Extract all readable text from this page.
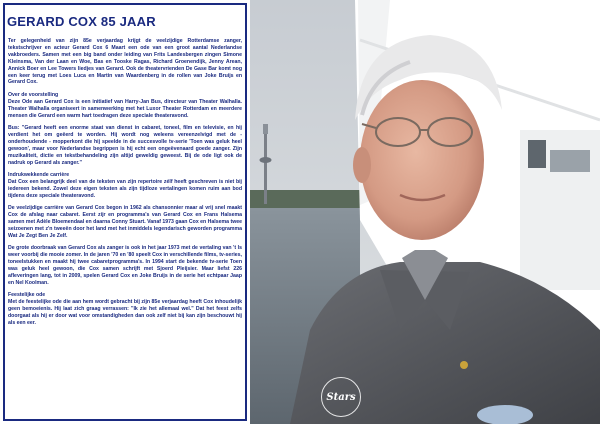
GERARD COX 85 JAAR

Ter gelegenheid van zijn 85e verjaardag krijgt de veelzijdige Rotterdamse zanger, tekstschrijver en acteur Gerard Cox 6 Maart een ode van een groot aantal Nederlandse vakbroeders. Samen met een big band onder leiding van Frits Landesbergen zingen Simone Kleinsma, Van der Laan en Woe, Bas en Tooske Ragas, Richard Groenendijk, Jenny Arean, Annick Boer en Lee Towers liedjes van Gerard. Ook de theatervrienden De Gase Bar komt nog een keer terug met Loes Luca en Martin van Waardenberg in de rollen van Joke Bruijs en Gerard Cox.

Over de voorstelling
Deze Ode aan Gerard Cox is een initiatief van Harry-Jan Bus, directeur van Theater Walhalla. Theater Walhalla organiseert in samenwerking met het Luxor Theater Rotterdam en meerdere mensen die Gerard een warm hart toedragen deze speciale theateravond.

Bus: "Gerard heeft een enorme staat van dienst in cabaret, toneel, film en televisie, en hij verdient het om geëerd te worden. Hij wordt nog weleens vereenzelvigd met de - onderhoudende - mopperkont die hij speelde in de succesvolle tv-serie 'Toen was geluk heel gewoon', maar voor Nederlandse begrippen is hij echt een ongeëvenaard goede zanger. Zijn muzikaliteit, dictie en tekstbehandeling zijn altijd geweldig geweest. Bij de ode ligt ook de nadruk op Gerard als zanger."

Indrukwekkende carrière
Dat Cox een belangrijk deel van de teksten van zijn repertoire zélf heeft geschreven is niet bij iedereen bekend. Zowel deze eigen teksten als zijn tijdloze vertalingen komen ruim aan bod tijdens deze speciale theateravond.

De veelzijdige carrière van Gerard Cox begon in 1962 als chansonnier maar al vrij snel maakt Cox de afslag naar cabaret. Eerst zijr en programma's van Gerard Cox en Frans Halsema samen met Adèle Bloemendaal en daarna Conny Stuart. Vanaf 1973 gaan Cox en Halsema twee seizoenen met z'n tweeën door het land met het inmiddels legendarisch geworden programma Wat Je Zegt Ben Je Zelf.

De grote doorbraak van Gerard Cox als zanger is ook in het jaar 1973 met de vertaling van 't Is weer voorbij die mooie zomer. In de jaren '70 en '80 speelt Cox in verschillende films, tv-series, toneelstukken en maakt hij twee cabaretprogramma's. In 1994 start de bekende tv-serie Toen was geluk heel gewoon, die Cox samen schrijft met Sjoerd Pleijsier. Maar liefst 226 afleveringen lang, tot in 2009, spelen Gerard Cox en Joke Bruijs in de serie het echtpaar Jaap en Nel Koolman.

Feestelijke ode
Met de feestelijke ode die aan hem wordt gebracht bij zijn 85e verjaardag heeft Cox inhoudelijk geen bemoeienis. Hij laat zich graag verrassen: "Ik zie het allemaal wel." Dat het feest zelfs doorgaat als hij er door wat voor omstandigheden dan ook zelf niet bij kan zijn beschouwt hij als een eer.

Joost Heijmenbergh Fotografie
Stars
